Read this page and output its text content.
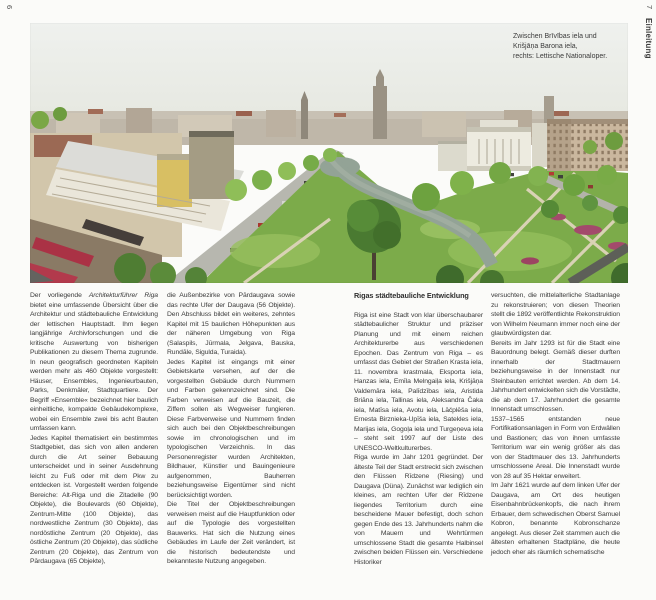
6	7
Einleitung
Zwischen Brīvības iela und
Krišjāņa Barona iela,
rechts: Lettische Nationaloper.

Der vorliegende Architekturführer Riga bietet eine umfassende Übersicht über die Architektur und städtebauliche Entwicklung der lettischen Hauptstadt. Ihm liegen langjährige Archivforschungen und die kritische Auswertung von bisherigen Publikationen zu diesem Thema zugrunde. In neun geografisch geordneten Kapiteln werden mehr als 460 Objekte vorgestellt: Häuser, Ensembles, Ingenieurbauten, Parks, Denkmäler, Stadtquartiere. Der Begriff »Ensemble« bezeichnet hier baulich einheitliche, kompakte Gebäudekomplexe, wobei ein Ensemble zwei bis acht Bauten umfassen kann.

Jedes Kapitel thematisiert ein bestimmtes Stadtgebiet, das sich von allen anderen durch die Art seiner Bebauung unterscheidet und in seiner Ausdehnung leicht zu Fuß oder mit dem Pkw zu entdecken ist. Vorgestellt werden folgende Bereiche: Alt-Riga und die Zitadelle (90 Objekte), die Boulevards (60 Objekte), Zentrum-Mitte (100 Objekte), das nordwestliche Zentrum (30 Objekte), das nordöstliche Zentrum (20 Objekte), das östliche Zentrum (20 Objekte), das südliche Zentrum (20 Objekte), das Zentrum von Pārdaugava (65 Objekte),

die Außenbezirke von Pārdaugava sowie das rechte Ufer der Daugava (56 Objekte). Den Abschluss bildet ein weiteres, zehntes Kapitel mit 15 baulichen Höhepunkten aus der näheren Umgebung von Riga (Salaspils, Jūrmala, Jelgava, Bauska, Rundāle, Sigulda, Turaida).

Jedes Kapitel ist eingangs mit einer Gebietskarte versehen, auf der die vorgestellten Gebäude durch Nummern und Farben gekennzeichnet sind. Die Farben verweisen auf die Bauzeit, die Ziffern sollen als Wegweiser fungieren. Diese Farbverweise und Nummern finden sich auch bei den Objektbeschreibungen sowie im chronologischen und im typologischen Verzeichnis. In das Personenregister wurden Architekten, Bildhauer, Künstler und Bauingenieure aufgenommen, Bauherren beziehungsweise Eigentümer sind nicht berücksichtigt worden.

Die Titel der Objektbeschreibungen verweisen meist auf die Hauptfunktion oder auf die Typologie des vorgestellten Bauwerks. Hat sich die Nutzung eines Gebäudes im Laufe der Zeit verändert, ist die historisch bedeutendste und bekannteste Nutzung angegeben.

Rigas städtebauliche Entwicklung

Riga ist eine Stadt von klar überschaubarer städtebaulicher Struktur und präziser Planung und mit einem reichen Architekturerbe aus verschiedenen Epochen. Das Zentrum von Riga – es umfasst das Gebiet der Straßen Krasta iela, 11. novembra krastmala, Eksporta iela, Hanzas iela, Emīla Melngaiļa iela, Krišjāņa Valdemāra iela, Palīdzības iela, Aristida Briāna iela, Tallinas iela, Aleksandra Čaka iela, Matīsa iela, Avotu iela, Lāčplēša iela, Ernesta Birznieka-Upīša iela, Satekles iela, Marijas iela, Gogoļa iela und Turgeņeva iela – steht seit 1997 auf der Liste des UNESCO-Weltkulturerbes.

Riga wurde im Jahr 1201 gegründet. Der älteste Teil der Stadt erstreckt sich zwischen den Flüssen Rīdzene (Riesing) und Daugava (Düna). Zunächst war lediglich ein kleines, am rechten Ufer der Rīdzene liegendes Territorium durch eine bescheidene Mauer befestigt, doch schon gegen Ende des 13. Jahrhunderts nahm die von Mauern und Wehrtürmen umschlossene Stadt die gesamte Halbinsel zwischen beiden Flüssen ein. Verschiedene Historiker

versuchten, die mittelalterliche Stadtanlage zu rekonstruieren; von diesen Theorien stellt die 1892 veröffentlichte Rekonstruktion von Wilhelm Neumann immer noch eine der glaubwürdigsten dar.

Bereits im Jahr 1293 ist für die Stadt eine Bauordnung belegt. Gemäß dieser durften innerhalb der Stadtmauern beziehungsweise in der Innenstadt nur Steinbauten errichtet werden. Ab dem 14. Jahrhundert entwickelten sich die Vorstädte, die ab dem 17. Jahrhundert die gesamte Innenstadt umschlossen.

1537–1565 entstanden neue Fortifikationsanlagen in Form von Erdwällen und Bastionen; das von ihnen umfasste Territorium war ein wenig größer als das von der Stadtmauer des 13. Jahrhunderts umschlossene Areal. Die Innenstadt wurde von 28 auf 35 Hektar erweitert.

Im Jahr 1621 wurde auf dem linken Ufer der Daugava, am Ort des heutigen Eisenbahnbrückenkopfs, die nach ihrem Erbauer, dem schwedischen Oberst Samuel Kobron, benannte Kobronschanze angelegt. Aus dieser Zeit stammen auch die ältesten erhaltenen Stadtpläne, die heute jedoch eher als räumlich schematische
